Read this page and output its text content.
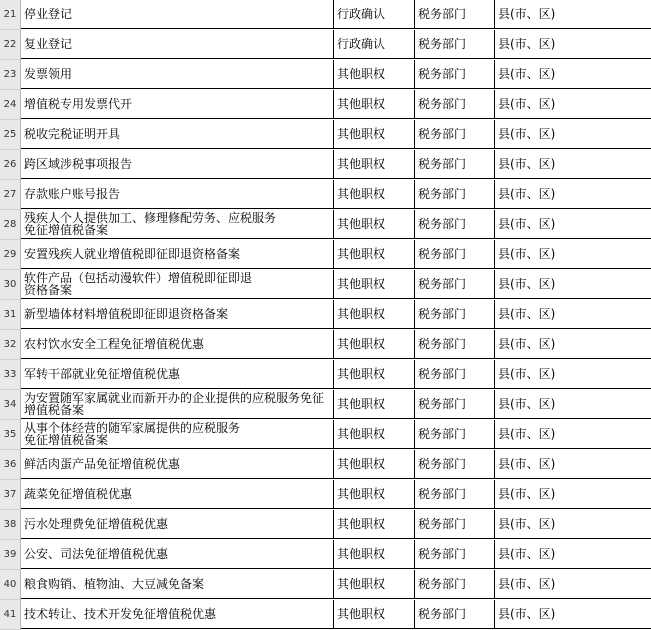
21 停业登记	行政确认	税务部门	县(市、区)
22 复业登记	行政确认	税务部门	县(市、区)
23 发票领用	其他职权	税务部门	县(市、区)
24 增值税专用发票代开	其他职权	税务部门	县(市、区)
25 税收完税证明开具	其他职权	税务部门	县(市、区)
26 跨区域涉税事项报告	其他职权	税务部门	县(市、区)
27 存款账户账号报告	其他职权	税务部门	县(市、区)
28 残疾人个人提供加工、修理修配劳务、应税服务
免征增值税备案	其他职权	税务部门	县(市、区)
29 安置残疾人就业增值税即征即退资格备案	其他职权	税务部门	县(市、区)
30 软件产品（包括动漫软件）增值税即征即退
资格备案	其他职权	税务部门	县(市、区)
31 新型墙体材料增值税即征即退资格备案	其他职权	税务部门	县(市、区)
32 农村饮水安全工程免征增值税优惠	其他职权	税务部门	县(市、区)
33 军转干部就业免征增值税优惠	其他职权	税务部门	县(市、区)
34 为安置随军家属就业而新开办的企业提供的应税服务免征
增值税备案	其他职权	税务部门	县(市、区)
35 从事个体经营的随军家属提供的应税服务
免征增值税备案	其他职权	税务部门	县(市、区)
36 鲜活肉蛋产品免征增值税优惠	其他职权	税务部门	县(市、区)
37 蔬菜免征增值税优惠	其他职权	税务部门	县(市、区)
38 污水处理费免征增值税优惠	其他职权	税务部门	县(市、区)
39 公安、司法免征增值税优惠	其他职权	税务部门	县(市、区)
40 粮食购销、植物油、大豆减免备案	其他职权	税务部门	县(市、区)
41 技术转让、技术开发免征增值税优惠	其他职权	税务部门	县(市、区)
